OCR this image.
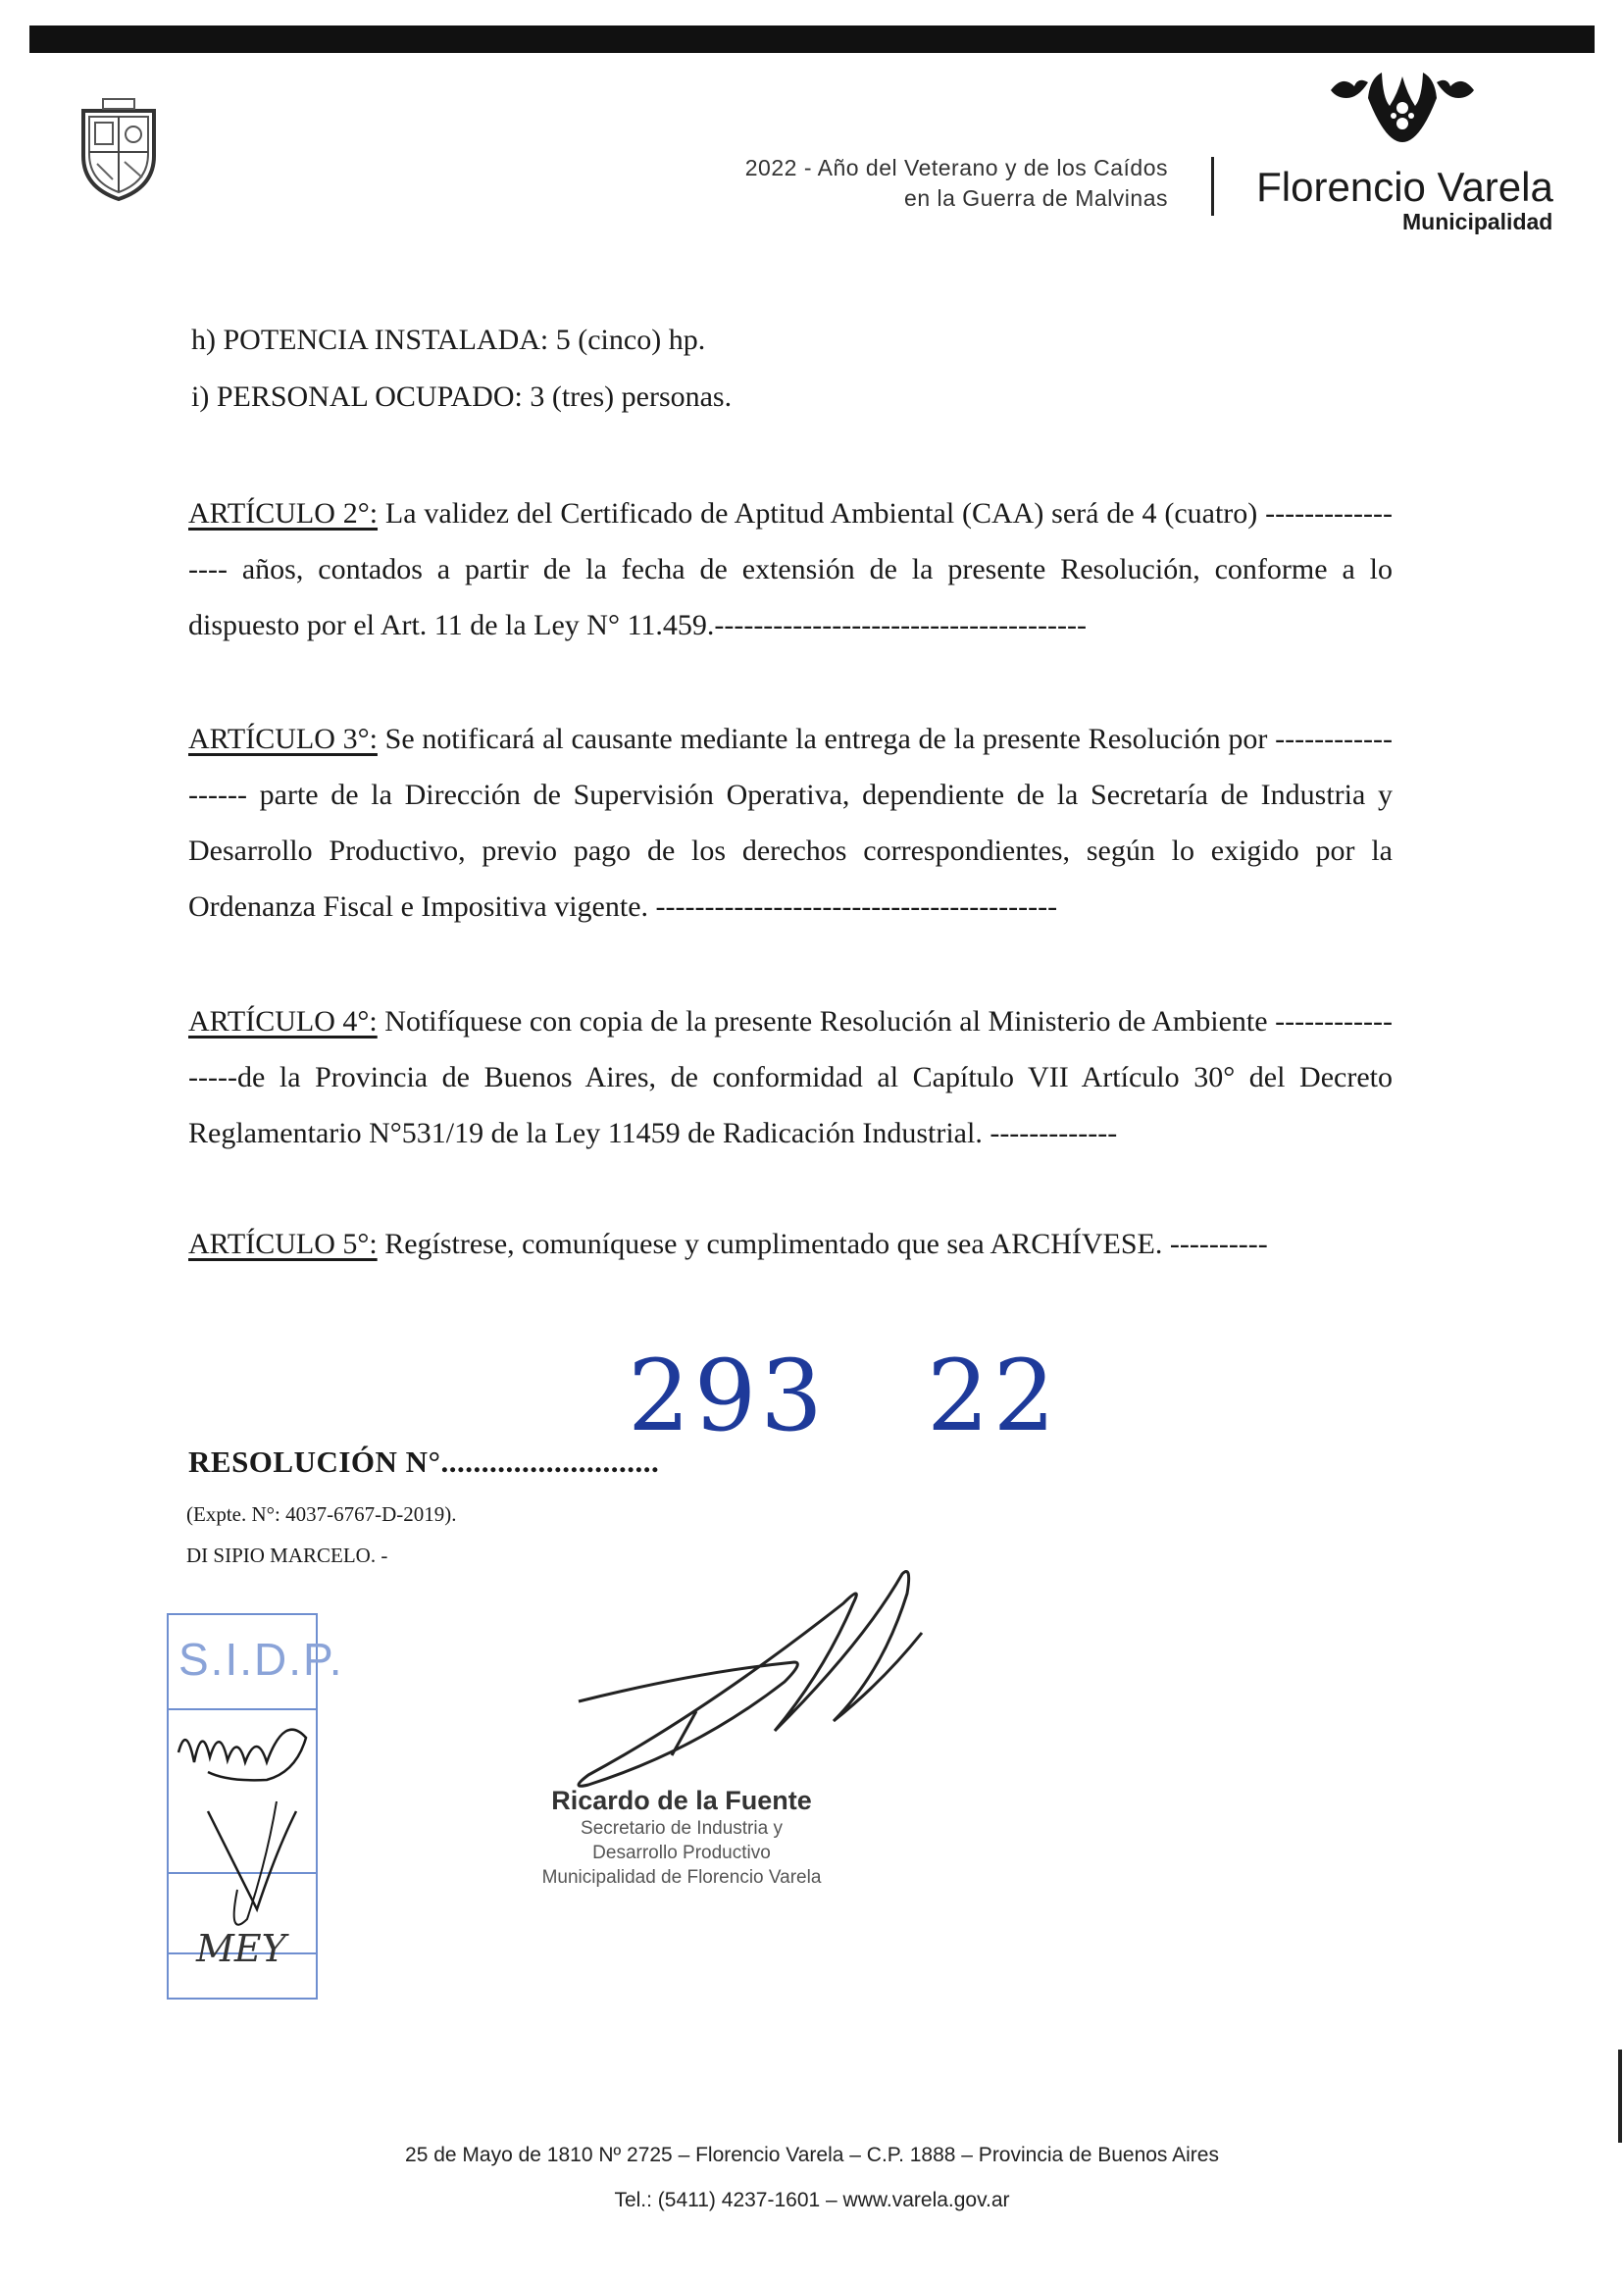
2022 - Año del Veterano y de los Caídos
en la Guerra de Malvinas Florencio Varela
Municipalidad
h) POTENCIA INSTALADA: 5 (cinco) hp.
i) PERSONAL OCUPADO: 3 (tres) personas.

ARTÍCULO 2°: La validez del Certificado de Aptitud Ambiental (CAA) será de 4 (cuatro) ----------------- años, contados a partir de la fecha de extensión de la presente Resolución, conforme a lo dispuesto por el Art. 11 de la Ley N° 11.459.--------------------------------------

ARTÍCULO 3°: Se notificará al causante mediante la entrega de la presente Resolución por ------------------ parte de la Dirección de Supervisión Operativa, dependiente de la Secretaría de Industria y Desarrollo Productivo, previo pago de los derechos correspondientes, según lo exigido por la Ordenanza Fiscal e Impositiva vigente. -----------------------------------------

ARTÍCULO 4°: Notifíquese con copia de la presente Resolución al Ministerio de Ambiente -----------------de la Provincia de Buenos Aires, de conformidad al Capítulo VII Artículo 30° del Decreto Reglamentario N°531/19 de la Ley 11459 de Radicación Industrial. -------------

ARTÍCULO 5°: Regístrese, comuníquese y cumplimentado que sea ARCHÍVESE. ----------

293 22
RESOLUCIÓN N°...........................
(Expte. N°: 4037-6767-D-2019).
DI SIPIO MARCELO. -
S.I.D.P.
MEY
Ricardo de la Fuente
Secretario de Industria y
Desarrollo Productivo
Municipalidad de Florencio Varela
25 de Mayo de 1810 Nº 2725 – Florencio Varela – C.P. 1888 – Provincia de Buenos Aires
Tel.: (5411) 4237-1601 – www.varela.gov.ar
